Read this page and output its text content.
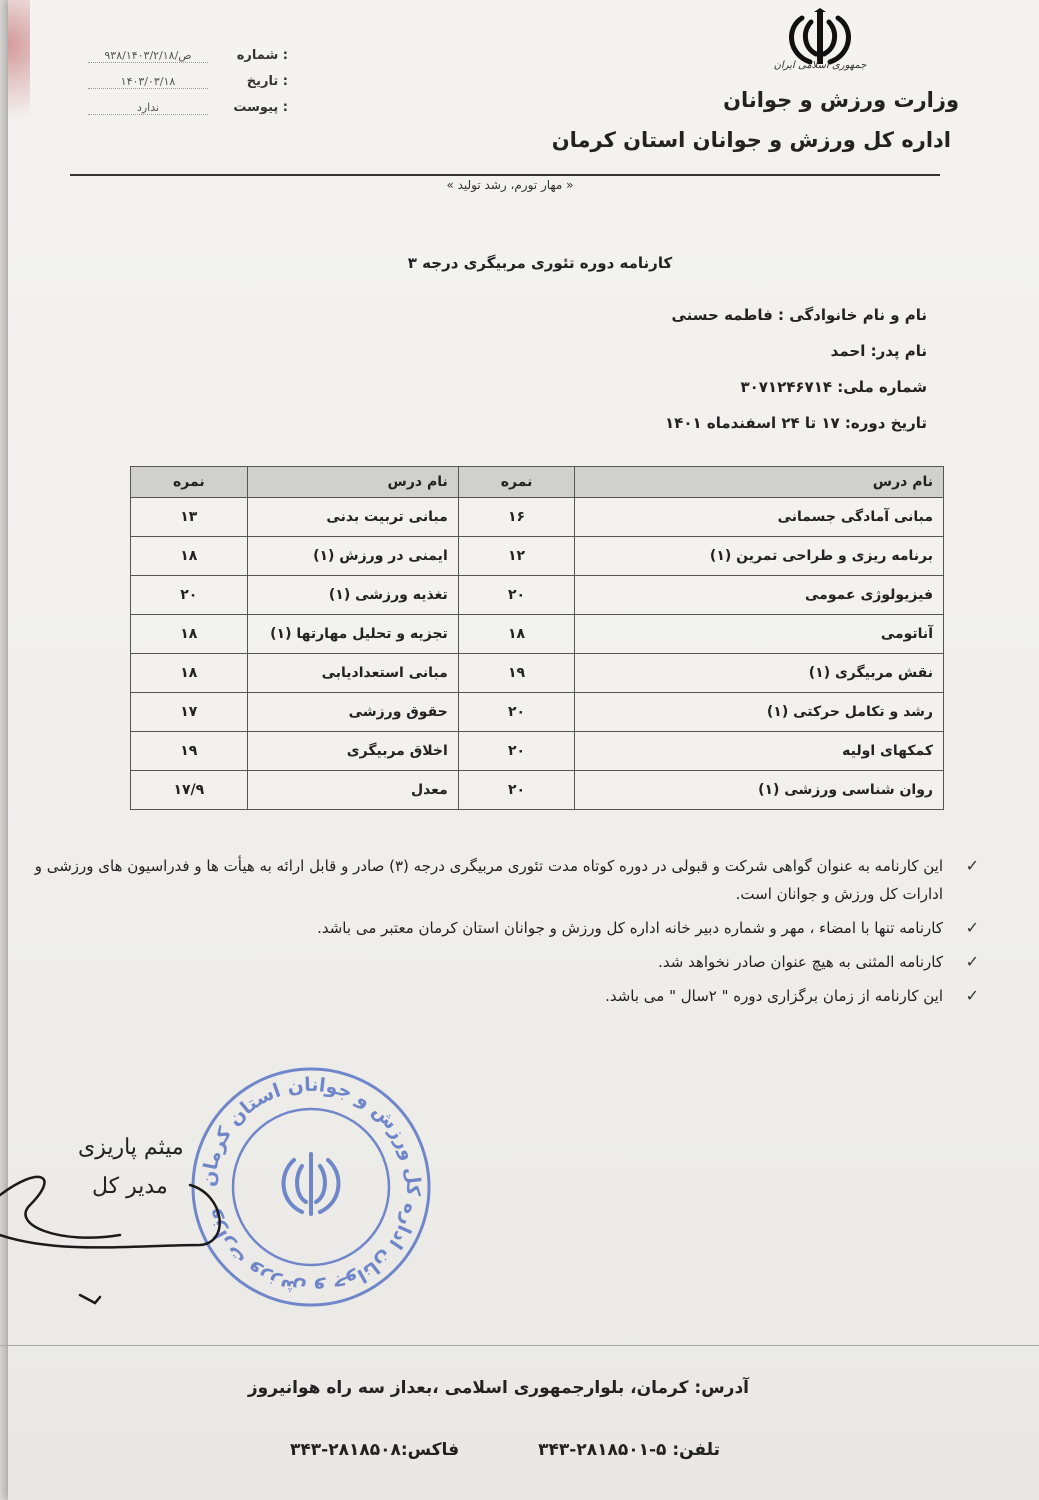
جمهوری اسلامی ایران
وزارت ورزش و جوانان
اداره کل ورزش و جوانان استان کرمان
۹۳۸/ص/۱۴۰۳/۲/۱۸	شماره :
۱۴۰۳/۰۳/۱۸	تاریخ :
ندارد	پیوست :
« مهار تورم، رشد تولید »
کارنامه دوره تئوری مربیگری درجه ۳
نام و نام خانوادگی : فاطمه حسنی
نام پدر: احمد
شماره ملی: ۳۰۷۱۲۴۶۷۱۴
تاریخ دوره: ۱۷ تا ۲۴ اسفندماه ۱۴۰۱
نام درس	نمره	نام درس	نمره
مبانی آمادگی جسمانی	۱۶	مبانی تربیت بدنی	۱۳
برنامه ریزی و طراحی تمرین (۱)	۱۲	ایمنی در ورزش (۱)	۱۸
فیزیولوژی عمومی	۲۰	تغذیه ورزشی (۱)	۲۰
آناتومی	۱۸	تجزیه و تحلیل مهارتها (۱)	۱۸
نقش مربیگری (۱)	۱۹	مبانی استعدادیابی	۱۸
رشد و تکامل حرکتی (۱)	۲۰	حقوق ورزشی	۱۷
کمکهای اولیه	۲۰	اخلاق مربیگری	۱۹
روان شناسی ورزشی (۱)	۲۰	معدل	۱۷/۹
✓
این کارنامه به عنوان گواهی شرکت و قبولی در دوره کوتاه مدت تئوری مربیگری درجه (۳) صادر و قابل ارائه به هیأت ها و فدراسیون های ورزشی و ادارات کل ورزش و جوانان است.
✓
کارنامه تنها با امضاء ، مهر و شماره دبیر خانه اداره کل ورزش و جوانان استان کرمان معتبر می باشد.
✓
کارنامه المثنی به هیچ عنوان صادر نخواهد شد.
✓
این کارنامه از زمان برگزاری دوره " ۲سال " می باشد.
وزارت ورزش و جوانان اداره کل ورزش و جوانان استان کرمان
میثم پاریزی
مدیر کل
آدرس: کرمان، بلوارجمهوری اسلامی ،بعداز سه راه هوانیروز
تلفن: ۵-۲۸۱۸۵۰۱-۳۴۳
فاکس:۲۸۱۸۵۰۸-۳۴۳
